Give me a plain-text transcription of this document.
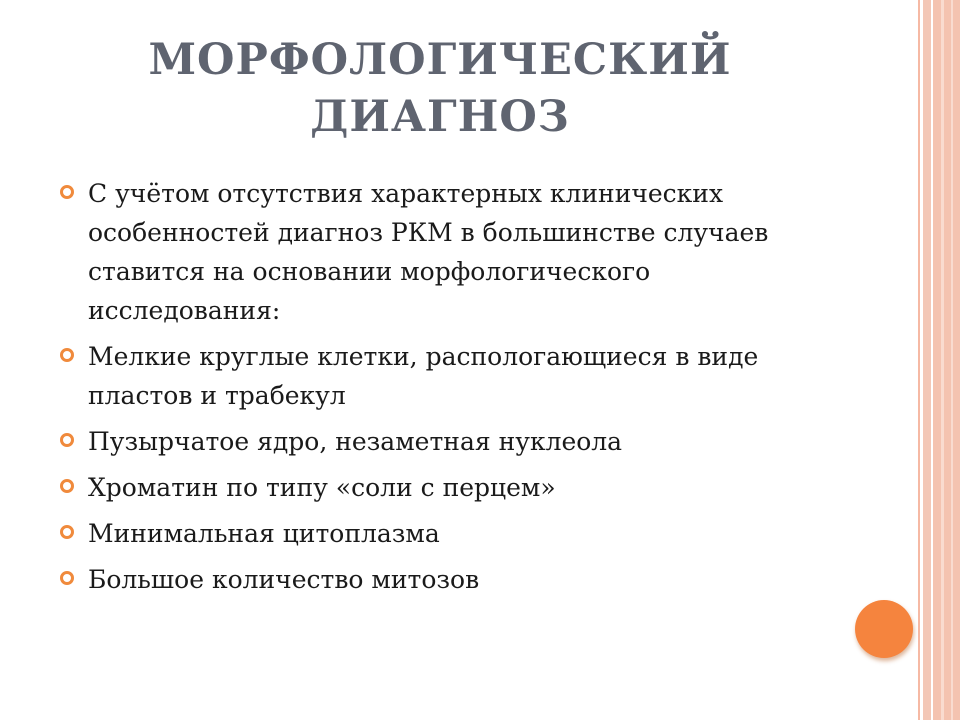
МОРФОЛОГИЧЕСКИЙ ДИАГНОЗ
С учётом отсутствия характерных клинических особенностей диагноз РКМ в большинстве случаев ставится на основании морфологического исследования:
Мелкие круглые клетки, распологающиеся в виде пластов и трабекул
Пузырчатое ядро, незаметная нуклеола
Хроматин по типу «соли с перцем»
Минимальная цитоплазма
Большое количество митозов
